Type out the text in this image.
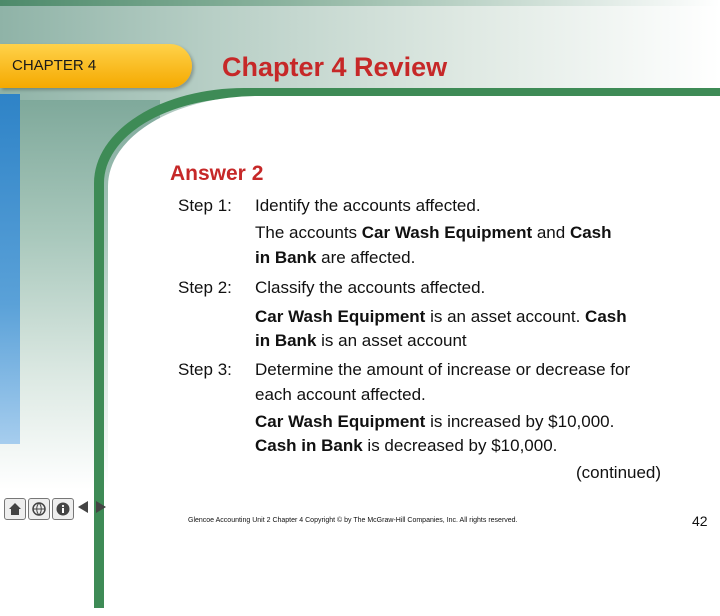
CHAPTER 4	Chapter 4 Review
Answer 2
Step 1: Identify the accounts affected.
The accounts Car Wash Equipment and Cash
in Bank are affected.
Step 2: Classify the accounts affected.
Car Wash Equipment is an asset account. Cash
in Bank is an asset account
Step 3: Determine the amount of increase or decrease for
each account affected.
Car Wash Equipment is increased by $10,000.
Cash in Bank is decreased by $10,000.
(continued)
Glencoe Accounting Unit 2 Chapter 4 Copyright © by The McGraw-Hill Companies, Inc. All rights reserved.	42
